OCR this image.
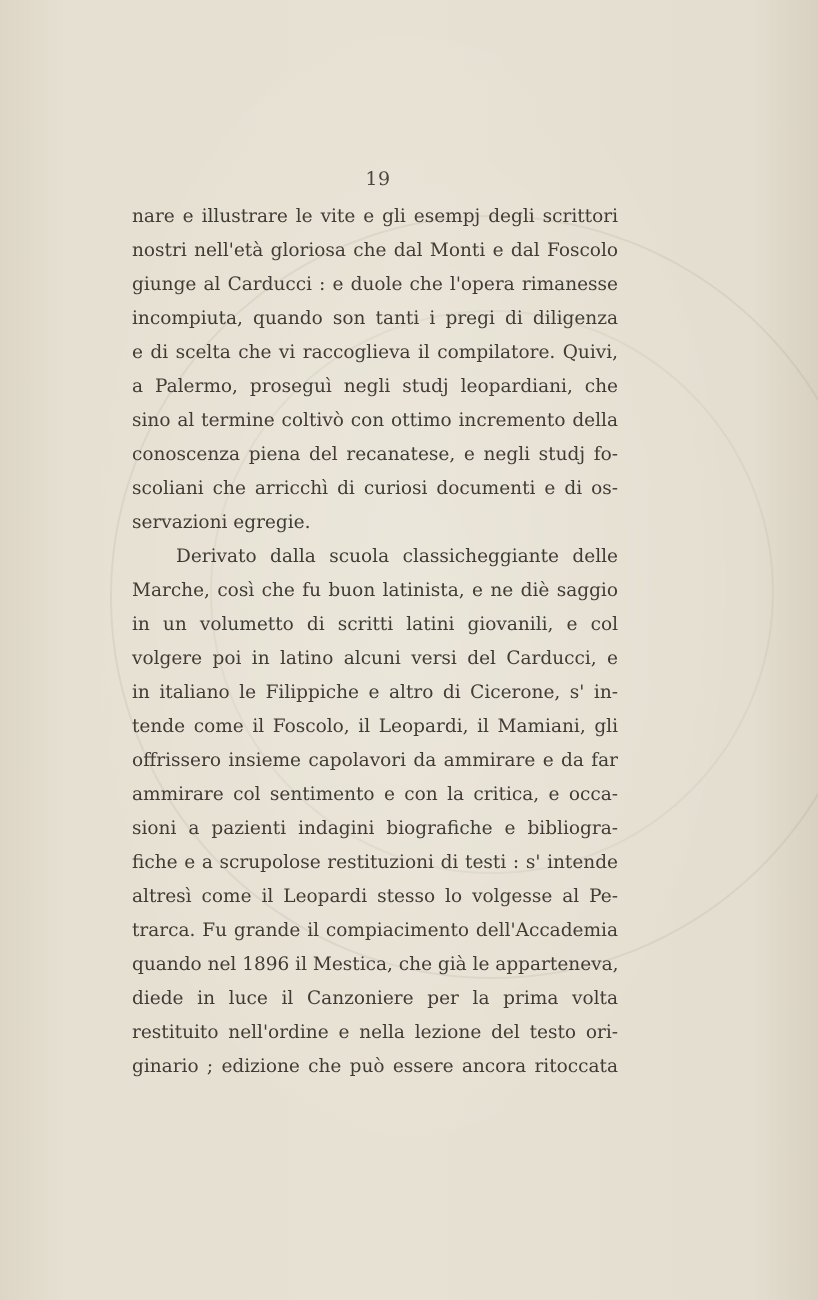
19
nare e illustrare le vite e gli esempj degli scrittori
nostri nell'età gloriosa che dal Monti e dal Foscolo
giunge al Carducci : e duole che l'opera rimanesse
incompiuta, quando son tanti i pregi di diligenza
e di scelta che vi raccoglieva il compilatore. Quivi,
a Palermo, proseguì negli studj leopardiani, che
sino al termine coltivò con ottimo incremento della
conoscenza piena del recanatese, e negli studj fo-
scoliani che arricchì di curiosi documenti e di os-
servazioni egregie.
Derivato dalla scuola classicheggiante delle
Marche, così che fu buon latinista, e ne diè saggio
in un volumetto di scritti latini giovanili, e col
volgere poi in latino alcuni versi del Carducci, e
in italiano le Filippiche e altro di Cicerone, s' in-
tende come il Foscolo, il Leopardi, il Mamiani, gli
offrissero insieme capolavori da ammirare e da far
ammirare col sentimento e con la critica, e occa-
sioni a pazienti indagini biografiche e bibliogra-
fiche e a scrupolose restituzioni di testi : s' intende
altresì come il Leopardi stesso lo volgesse al Pe-
trarca. Fu grande il compiacimento dell'Accademia
quando nel 1896 il Mestica, che già le apparteneva,
diede in luce il Canzoniere per la prima volta
restituito nell'ordine e nella lezione del testo ori-
ginario ; edizione che può essere ancora ritoccata
